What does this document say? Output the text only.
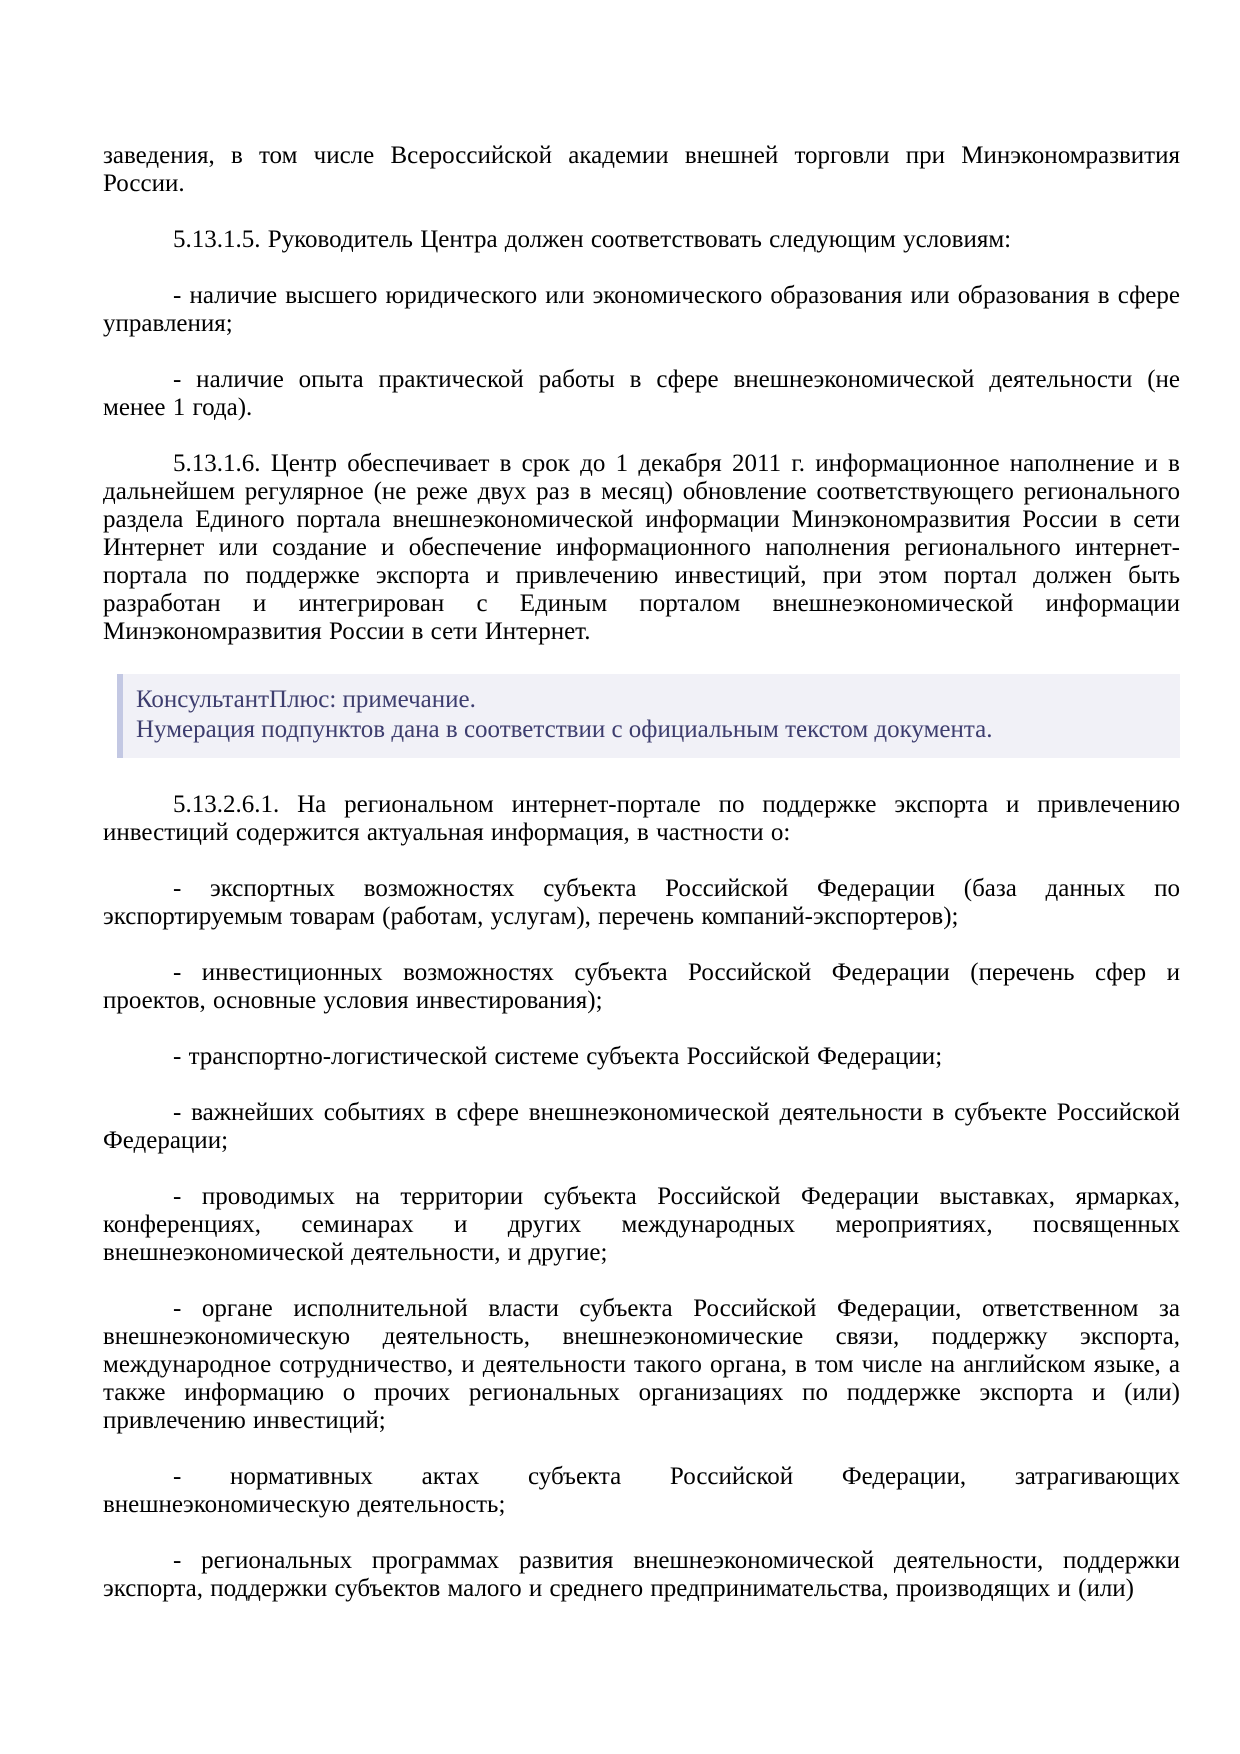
заведения, в том числе Всероссийской академии внешней торговли при Минэкономразвития России.

5.13.1.5. Руководитель Центра должен соответствовать следующим условиям:

- наличие высшего юридического или экономического образования или образования в сфере управления;

- наличие опыта практической работы в сфере внешнеэкономической деятельности (не менее 1 года).

5.13.1.6. Центр обеспечивает в срок до 1 декабря 2011 г. информационное наполнение и в дальнейшем регулярное (не реже двух раз в месяц) обновление соответствующего регионального раздела Единого портала внешнеэкономической информации Минэкономразвития России в сети Интернет или создание и обеспечение информационного наполнения регионального интернет-портала по поддержке экспорта и привлечению инвестиций, при этом портал должен быть разработан и интегрирован с Единым порталом внешнеэкономической информации Минэкономразвития России в сети Интернет.

КонсультантПлюс: примечание.
Нумерация подпунктов дана в соответствии с официальным текстом документа.

5.13.2.6.1. На региональном интернет-портале по поддержке экспорта и привлечению инвестиций содержится актуальная информация, в частности о:

- экспортных возможностях субъекта Российской Федерации (база данных по экспортируемым товарам (работам, услугам), перечень компаний-экспортеров);

- инвестиционных возможностях субъекта Российской Федерации (перечень сфер и проектов, основные условия инвестирования);

- транспортно-логистической системе субъекта Российской Федерации;

- важнейших событиях в сфере внешнеэкономической деятельности в субъекте Российской Федерации;

- проводимых на территории субъекта Российской Федерации выставках, ярмарках, конференциях, семинарах и других международных мероприятиях, посвященных внешнеэкономической деятельности, и другие;

- органе исполнительной власти субъекта Российской Федерации, ответственном за внешнеэкономическую деятельность, внешнеэкономические связи, поддержку экспорта, международное сотрудничество, и деятельности такого органа, в том числе на английском языке, а также информацию о прочих региональных организациях по поддержке экспорта и (или) привлечению инвестиций;

- нормативных актах субъекта Российской Федерации, затрагивающих внешнеэкономическую деятельность;

- региональных программах развития внешнеэкономической деятельности, поддержки экспорта, поддержки субъектов малого и среднего предпринимательства, производящих и (или)
